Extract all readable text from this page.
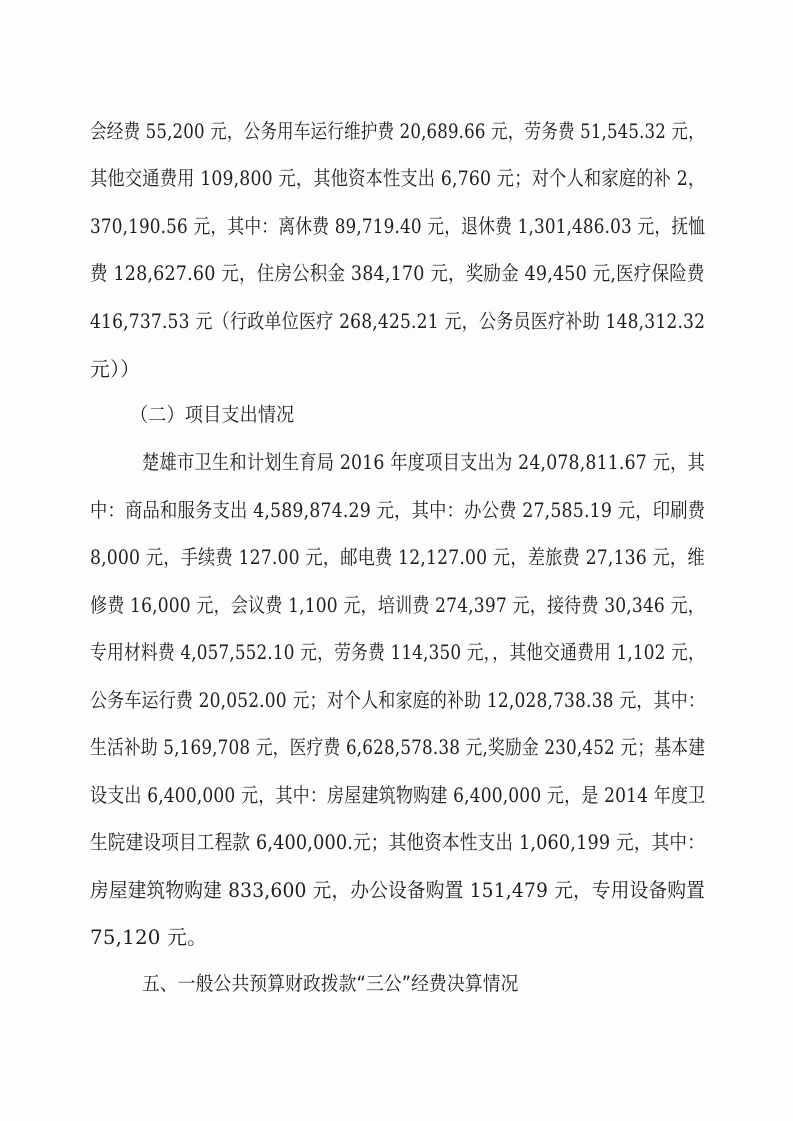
会经费 55,200 元，公务用车运行维护费 20,689.66 元，劳务费 51,545.32 元，
其他交通费用 109,800 元，其他资本性支出 6,760 元；对个人和家庭的补 2，
370,190.56 元，其中：离休费 89,719.40 元，退休费 1,301,486.03 元，抚恤
费 128,627.60 元，住房公积金 384,170 元，奖励金 49,450 元,医疗保险费
416,737.53 元（行政单位医疗 268,425.21 元，公务员医疗补助 148,312.32
元））
（二）项目支出情况
楚雄市卫生和计划生育局 2016 年度项目支出为 24,078,811.67 元，其
中：商品和服务支出 4,589,874.29 元，其中：办公费 27,585.19 元，印刷费
8,000 元，手续费 127.00 元，邮电费 12,127.00 元，差旅费 27,136 元，维
修费 16,000 元，会议费 1,100 元，培训费 274,397 元，接待费 30,346 元，
专用材料费 4,057,552.10 元，劳务费 114,350 元，，其他交通费用 1,102 元，
公务车运行费 20,052.00 元；对个人和家庭的补助 12,028,738.38 元，其中：
生活补助 5,169,708 元，医疗费 6,628,578.38 元,奖励金 230,452 元；基本建
设支出 6,400,000 元，其中：房屋建筑物购建 6,400,000 元，是 2014 年度卫
生院建设项目工程款 6,400,000.元；其他资本性支出 1,060,199 元，其中：
房屋建筑物购建 833,600 元，办公设备购置 151,479 元，专用设备购置
75,120 元。
五、一般公共预算财政拨款“三公”经费决算情况
